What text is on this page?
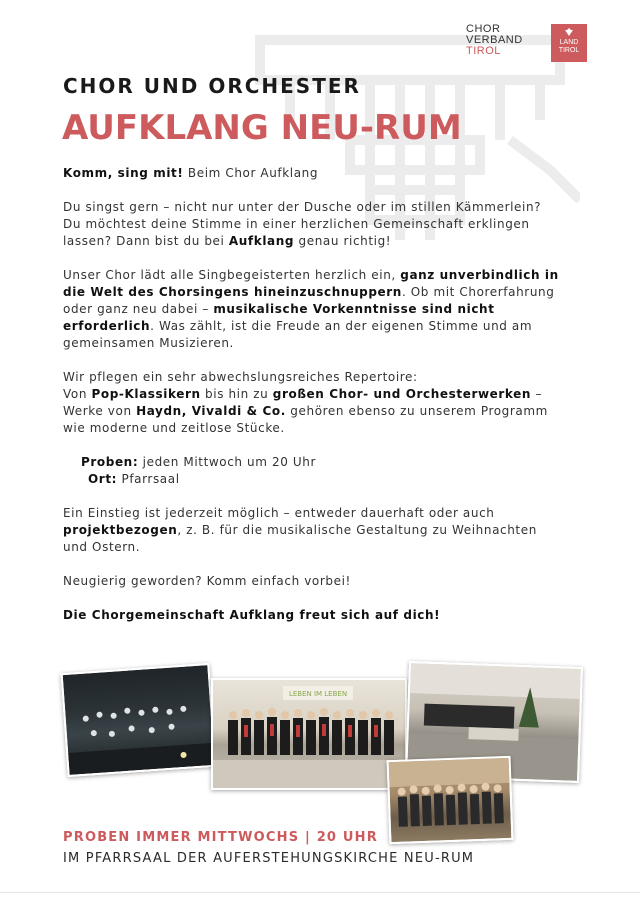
CHOR
VERBAND
TIROL
LAND
TIROL
CHOR UND ORCHESTER
AUFKLANG NEU-RUM

Komm, sing mit! Beim Chor Aufklang

Du singst gern – nicht nur unter der Dusche oder im stillen Kämmerlein?
Du möchtest deine Stimme in einer herzlichen Gemeinschaft erklingen
lassen? Dann bist du bei Aufklang genau richtig!

Unser Chor lädt alle Singbegeisterten herzlich ein, ganz unverbindlich in die Welt des Chorsingens hineinzuschnuppern. Ob mit Chorerfahrung oder ganz neu dabei – musikalische Vorkenntnisse sind nicht erforderlich. Was zählt, ist die Freude an der eigenen Stimme und am gemeinsamen Musizieren.

Wir pflegen ein sehr abwechslungsreiches Repertoire:
Von Pop-Klassikern bis hin zu großen Chor- und Orchesterwerken –
Werke von Haydn, Vivaldi & Co. gehören ebenso zu unserem Programm
wie moderne und zeitlose Stücke.

Proben: jeden Mittwoch um 20 Uhr

Ort: Pfarrsaal

Ein Einstieg ist jederzeit möglich – entweder dauerhaft oder auch
projektbezogen, z. B. für die musikalische Gestaltung zu Weihnachten
und Ostern.

Neugierig geworden? Komm einfach vorbei!

Die Chorgemeinschaft Aufklang freut sich auf dich!

LEBEN IM LEBEN
PROBEN IMMER MITTWOCHS | 20 UHR
IM PFARRSAAL DER AUFERSTEHUNGSKIRCHE NEU-RUM
